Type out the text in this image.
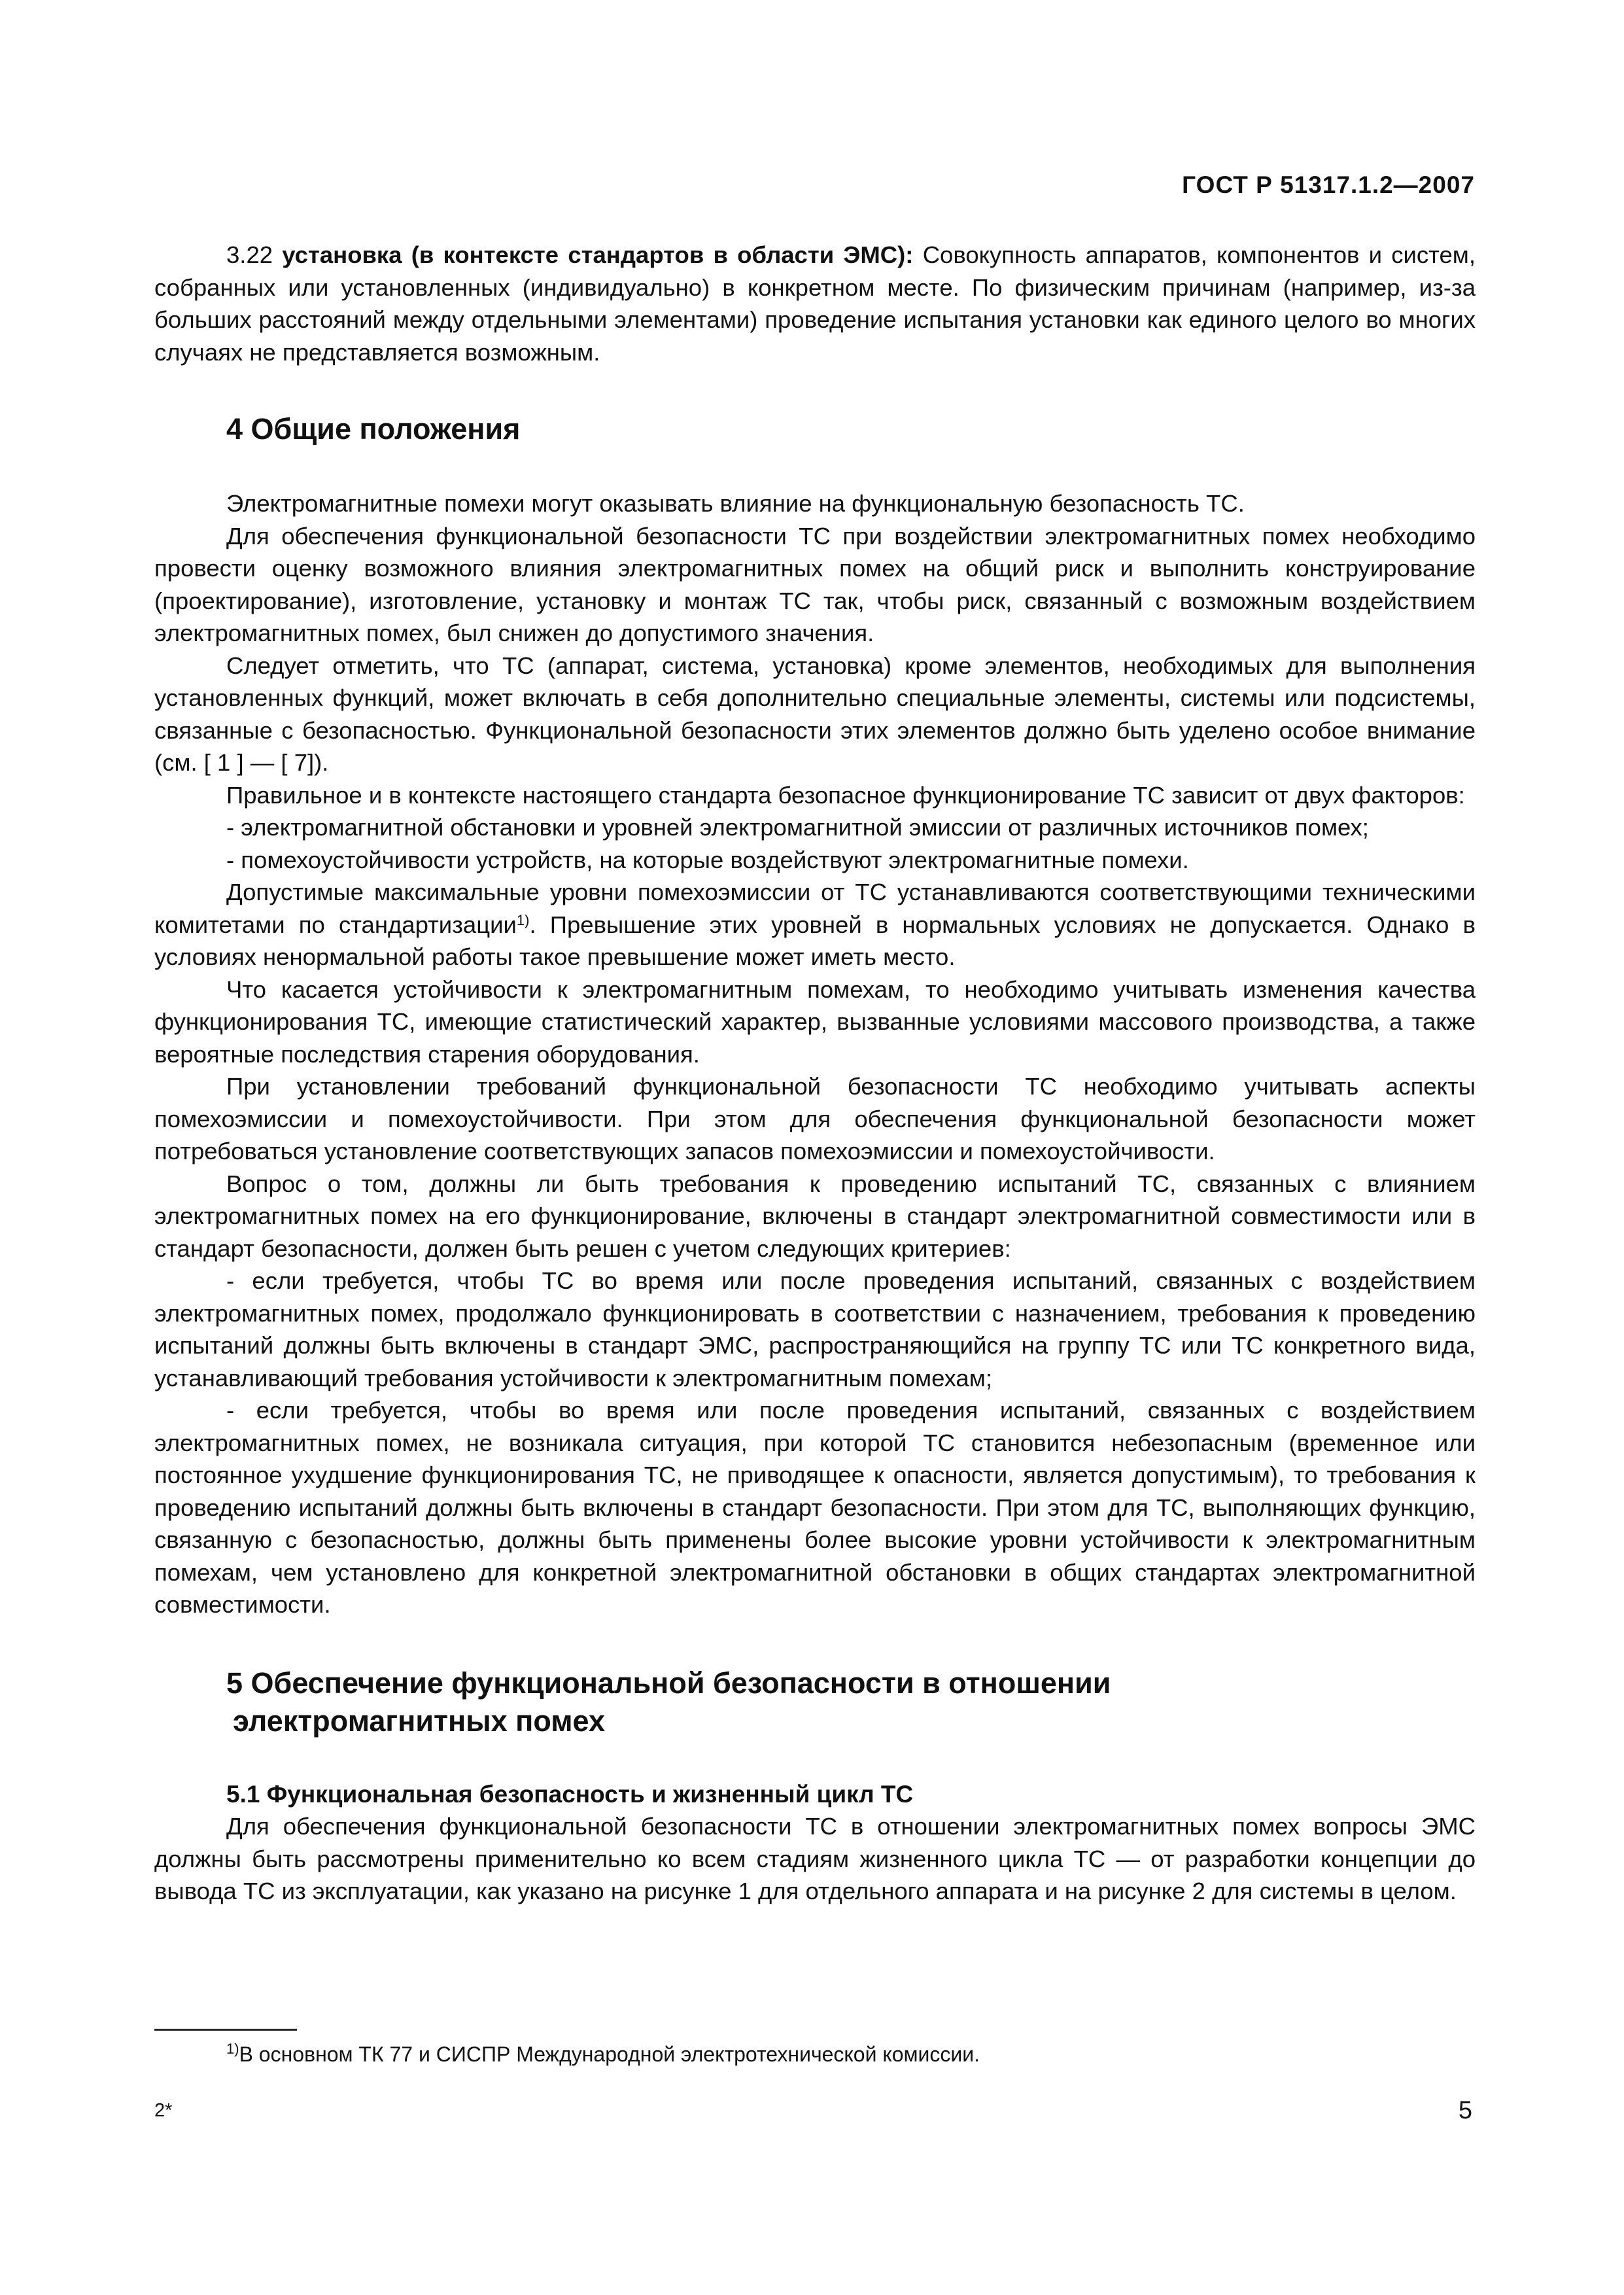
ГОСТ Р 51317.1.2—2007

3.22 установка (в контексте стандартов в области ЭМС): Совокупность аппаратов, компонентов и систем, собранных или установленных (индивидуально) в конкретном месте. По физическим причинам (например, из-за больших расстояний между отдельными элементами) проведение испытания установки как единого целого во многих случаях не представляется возможным.

4 Общие положения

Электромагнитные помехи могут оказывать влияние на функциональную безопасность ТС.

Для обеспечения функциональной безопасности ТС при воздействии электромагнитных помех необходимо провести оценку возможного влияния электромагнитных помех на общий риск и выполнить конструирование (проектирование), изготовление, установку и монтаж ТС так, чтобы риск, связанный с возможным воздействием электромагнитных помех, был снижен до допустимого значения.

Следует отметить, что ТС (аппарат, система, установка) кроме элементов, необходимых для выполнения установленных функций, может включать в себя дополнительно специальные элементы, системы или подсистемы, связанные с безопасностью. Функциональной безопасности этих элементов должно быть уделено особое внимание (см. [ 1 ] — [ 7]).

Правильное и в контексте настоящего стандарта безопасное функционирование ТС зависит от двух факторов:

- электромагнитной обстановки и уровней электромагнитной эмиссии от различных источников помех;

- помехоустойчивости устройств, на которые воздействуют электромагнитные помехи.

Допустимые максимальные уровни помехоэмиссии от ТС устанавливаются соответствующими техническими комитетами по стандартизации$^{1)}$. Превышение этих уровней в нормальных условиях не допускается. Однако в условиях ненормальной работы такое превышение может иметь место.

Что касается устойчивости к электромагнитным помехам, то необходимо учитывать изменения качества функционирования ТС, имеющие статистический характер, вызванные условиями массового производства, а также вероятные последствия старения оборудования.

При установлении требований функциональной безопасности ТС необходимо учитывать аспекты помехоэмиссии и помехоустойчивости. При этом для обеспечения функциональной безопасности может потребоваться установление соответствующих запасов помехоэмиссии и помехоустойчивости.

Вопрос о том, должны ли быть требования к проведению испытаний ТС, связанных с влиянием электромагнитных помех на его функционирование, включены в стандарт электромагнитной совместимости или в стандарт безопасности, должен быть решен с учетом следующих критериев:

- если требуется, чтобы ТС во время или после проведения испытаний, связанных с воздействием электромагнитных помех, продолжало функционировать в соответствии с назначением, требования к проведению испытаний должны быть включены в стандарт ЭМС, распространяющийся на группу ТС или ТС конкретного вида, устанавливающий требования устойчивости к электромагнитным помехам;

- если требуется, чтобы во время или после проведения испытаний, связанных с воздействием электромагнитных помех, не возникала ситуация, при которой ТС становится небезопасным (временное или постоянное ухудшение функционирования ТС, не приводящее к опасности, является допустимым), то требования к проведению испытаний должны быть включены в стандарт безопасности. При этом для ТС, выполняющих функцию, связанную с безопасностью, должны быть применены более высокие уровни устойчивости к электромагнитным помехам, чем установлено для конкретной электромагнитной обстановки в общих стандартах электромагнитной совместимости.

5 Обеспечение функциональной безопасности в отношении
электромагнитных помех
5.1 Функциональная безопасность и жизненный цикл ТС

Для обеспечения функциональной безопасности ТС в отношении электромагнитных помех вопросы ЭМС должны быть рассмотрены применительно ко всем стадиям жизненного цикла ТС — от разработки концепции до вывода ТС из эксплуатации, как указано на рисунке 1 для отдельного аппарата и на рисунке 2 для системы в целом.

$^{1)}$В основном ТК 77 и СИСПР Международной электротехнической комиссии.
2*	5
